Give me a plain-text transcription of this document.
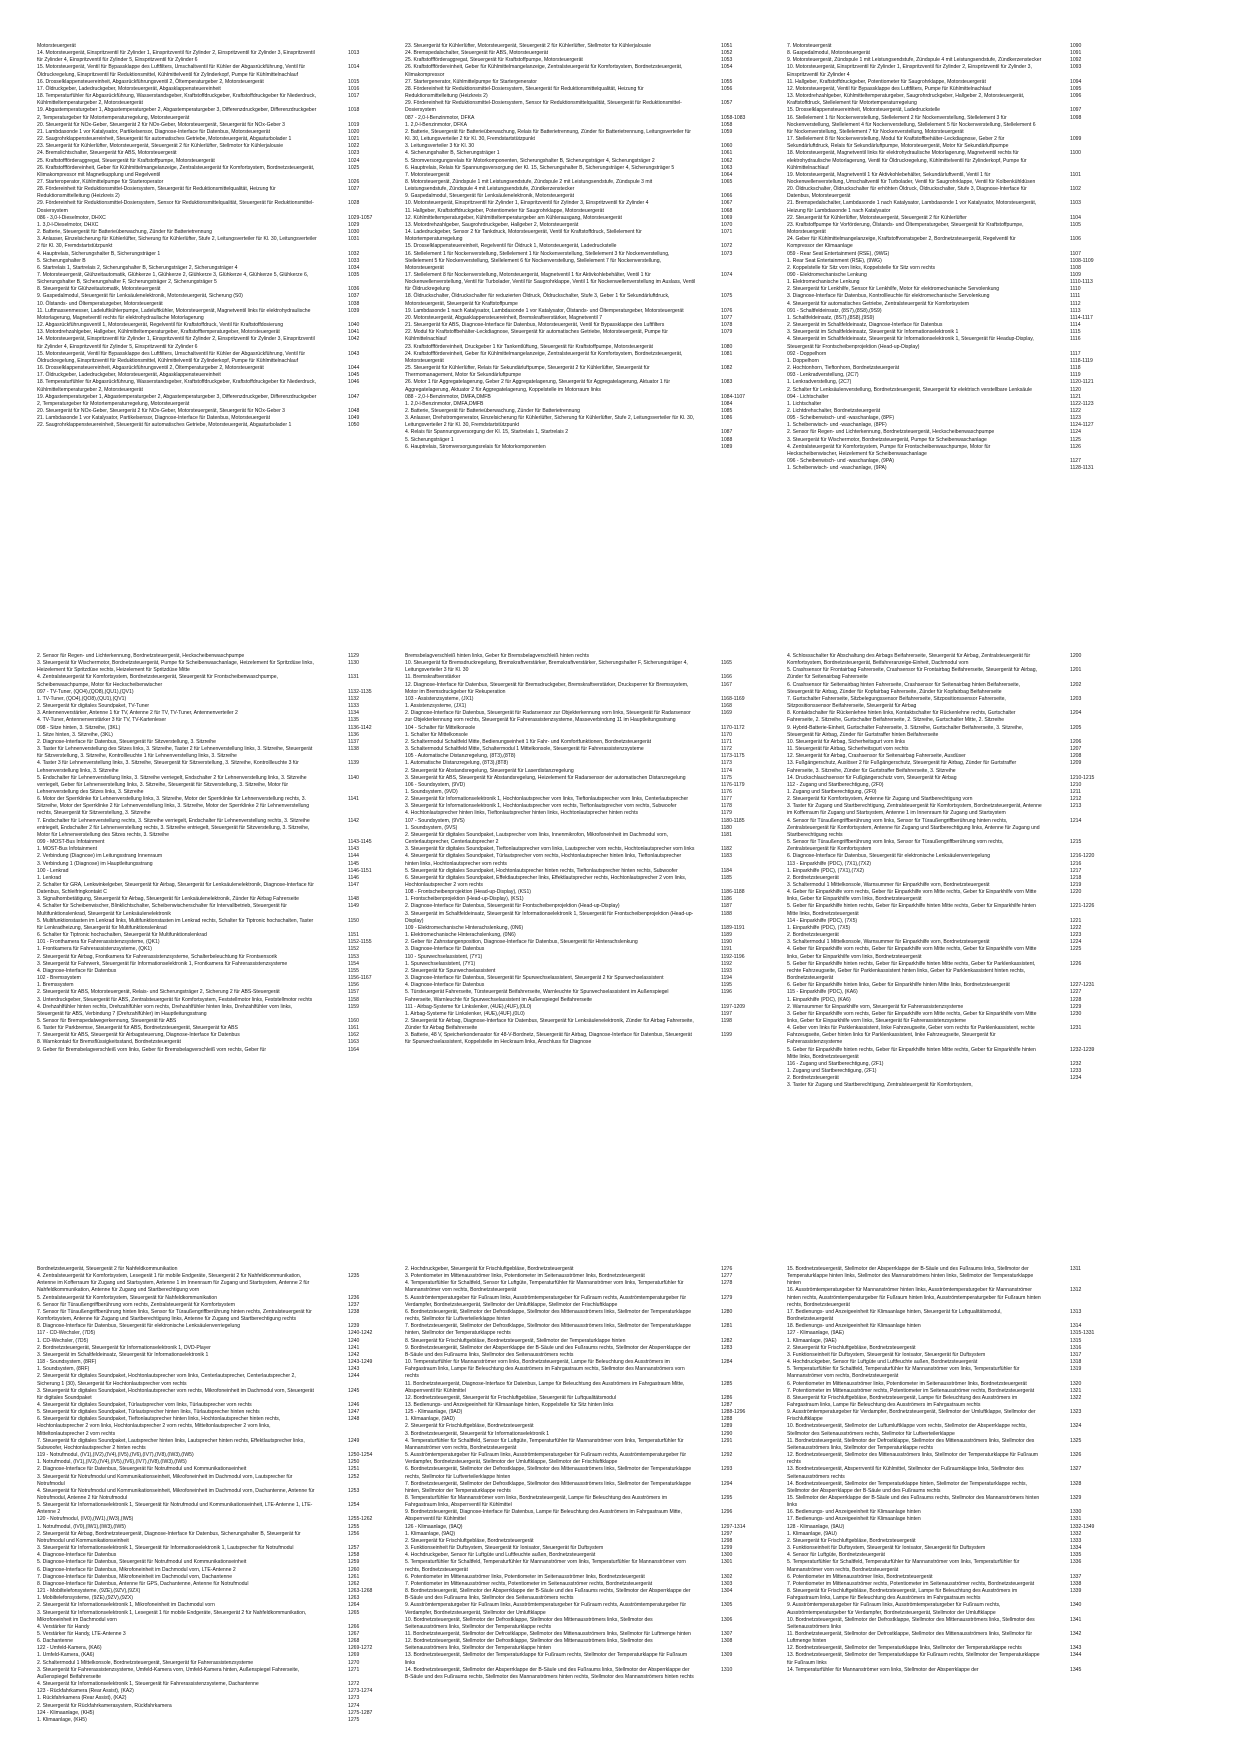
Motorsteuergerät
14. Motorsteuergerät, Einspritzventil für Zylinder 1, Einspritzventil für Zylinder 2, Einspritzventil für Zylinder 3, Einspritzventil für Zylinder 4, Einspritzventil für Zylinder 5, Einspritzventil für Zylinder 6
1013
15. Motorsteuergerät, Ventil für Bypassklappe des Luftfilters, Umschaltventil für Kühler der Abgasrückführung, Ventil für Öldruckregelung, Einspritzventil für Reduktionsmittel, Kühlmittelventil für Zylinderkopf, Pumpe für Kühlmittelnachlauf
1014
16. Drosselklappensteuereinheit, Abgasrückführungsventil 2, Öltemperaturgeber 2, Motorsteuergerät	1015
17. Öldruckgeber, Ladedruckgeber, Motorsteuergerät, Abgasklappensteuereinheit	1016
18. Temperaturfühler für Abgasrückführung, Wasserstandsgeber, Kraftstoffdruckgeber, Kraftstoffdruckgeber für Niederdruck, Kühlmitteltemperaturgeber 2, Motorsteuergerät
1017
19. Abgastemperaturgeber 1, Abgastemperaturgeber 2, Abgastemperaturgeber 3, Differenzdruckgeber, Differenzdruckgeber 2, Temperaturgeber für Motortemperaturregelung, Motorsteuergerät
1018
20. Steuergerät für NOx-Geber, Steuergerät 2 für NOx-Geber, Motorsteuergerät, Steuergerät für NOx-Geber 3	1019
21. Lambdasonde 1 vor Katalysator, Partikelsensor, Diagnose-Interface für Datenbus, Motorsteuergerät	1020
22. Saugrohrklappensteuereinheit, Steuergerät für automatisches Getriebe, Motorsteuergerät, Abgasturbolader 1	1021
23. Steuergerät für Kühlerlüfter, Motorsteuergerät, Steuergerät 2 für Kühlerlüfter, Stellmotor für Kühlerjalousie	1022
24. Bremslichtschalter, Steuergerät für ABS, Motorsteuergerät	1023
25. Kraftstoffförderaggregat, Steuergerät für Kraftstoffpumpe, Motorsteuergerät	1024
26. Kraftstofffördereinheit, Geber für Kühlmittelmangelanzeige, Zentralsteuergerät für Komfortsystem, Bordnetzsteuergerät, Klimakompressor mit Magnetkupplung und Regelventil
1025
27. Starteroperator, Kühlmittelpumpe für Starteroperator	1026
28. Fördereinheit für Reduktionsmittel-Dosiersystem, Steuergerät für Reduktionsmittelqualität, Heizung für Reduktionsmittelleitung (Heizkreis 2)
1027
29. Fördereinheit für Reduktionsmittel-Dosiersystem, Sensor für Reduktionsmittelqualität, Steuergerät für Reduktionsmittel-Dosiersystem
1028
086 - 3,0-l-Dieselmotor, DHXC	1029-1057
1. 3,0-l-Dieselmotor, DHXC	1029
2. Batterie, Steuergerät für Batterieüberwachung, Zünder für Batterietrennung	1030
3. Anlasser, Einzelsicherung für Kühlerlüfter, Sicherung für Kühlerlüfter, Stufe 2, Leitungsverteiler für Kl. 30, Leitungsverteiler 2 für Kl. 30, Fremdstartstützpunkt
1031
4. Hauptrelais, Sicherungshalter B, Sicherungsträger 1	1032
5. Sicherungshalter B	1033
6. Startrelais 1, Startrelais 2, Sicherungshalter B, Sicherungsträger 2, Sicherungsträger 4	1034
7. Motorsteuergerät, Glühzeitautomatik, Glühkerze 1, Glühkerze 2, Glühkerze 3, Glühkerze 4, Glühkerze 5, Glühkerze 6, Sicherungshalter B, Sicherungshalter F, Sicherungsträger 2, Sicherungsträger 5
1035
8. Steuergerät für Glühzeitautomatik, Motorsteuergerät	1036
9. Gaspedalmodul, Steuergerät für Lenksäulenelektronik, Motorsteuergerät, Sicherung (S0)	1037
10. Ölstands- und Öltemperaturgeber, Motorsteuergerät	1038
11. Luftmassenmesser, Ladeluftkühlerpumpe, Ladeluftkühler, Motorsteuergerät, Magnetventil links für elektrohydraulische Motorlagerung, Magnetventil rechts für elektrohydraulische Motorlagerung
1039
12. Abgasrückführungsventil 1, Motorsteuergerät, Regelventil für Kraftstoffdruck, Ventil für Kraftstoffdosierung	1040
13. Motordrehzahlgeber, Hallgeber, Kühlmitteltemperaturgeber, Kraftstofftemperaturgeber, Motorsteuergerät	1041
14. Motorsteuergerät, Einspritzventil für Zylinder 1, Einspritzventil für Zylinder 2, Einspritzventil für Zylinder 3, Einspritzventil für Zylinder 4, Einspritzventil für Zylinder 5, Einspritzventil für Zylinder 6
1042
15. Motorsteuergerät, Ventil für Bypassklappe des Luftfilters, Umschaltventil für Kühler der Abgasrückführung, Ventil für Öldruckregelung, Einspritzventil für Reduktionsmittel, Kühlmittelventil für Zylinderkopf, Pumpe für Kühlmittelnachlauf
1043
16. Drosselklappensteuereinheit, Abgasrückführungsventil 2, Öltemperaturgeber 2, Motorsteuergerät	1044
17. Öldruckgeber, Ladedruckgeber, Motorsteuergerät, Abgasklappensteuereinheit	1045
18. Temperaturfühler für Abgasrückführung, Wasserstandsgeber, Kraftstoffdruckgeber, Kraftstoffdruckgeber für Niederdruck, Kühlmitteltemperaturgeber 2, Motorsteuergerät
1046
19. Abgastemperaturgeber 1, Abgastemperaturgeber 2, Abgastemperaturgeber 3, Differenzdruckgeber, Differenzdruckgeber 2, Temperaturgeber für Motortemperaturregelung, Motorsteuergerät
1047
20. Steuergerät für NOx-Geber, Steuergerät 2 für NOx-Geber, Motorsteuergerät, Steuergerät für NOx-Geber 3	1048
21. Lambdasonde 1 vor Katalysator, Partikelsensor, Diagnose-Interface für Datenbus, Motorsteuergerät	1049
22. Saugrohrklappensteuereinheit, Steuergerät für automatisches Getriebe, Motorsteuergerät, Abgasturbolader 1	1050
23. Steuergerät für Kühlerlüfter, Motorsteuergerät, Steuergerät 2 für Kühlerlüfter, Stellmotor für Kühlerjalousie	1051
24. Bremspedalschalter, Steuergerät für ABS, Motorsteuergerät	1052
25. Kraftstoffförderaggregat, Steuergerät für Kraftstoffpumpe, Motorsteuergerät	1053
26. Kraftstofffördereinheit, Geber für Kühlmittelmangelanzeige, Zentralsteuergerät für Komfortsystem, Bordnetzsteuergerät, Klimakompressor
1054
27. Startergenerator, Kühlmittelpumpe für Startergenerator	1055
28. Fördereinheit für Reduktionsmittel-Dosiersystem, Steuergerät für Reduktionsmittelqualität, Heizung für Reduktionsmittelleitung (Heizkreis 2)
1056
29. Fördereinheit für Reduktionsmittel-Dosiersystem, Sensor für Reduktionsmittelqualität, Steuergerät für Reduktionsmittel-Dosiersystem
1057
087 - 2,0-l-Benzinmotor, DFKA	1058-1083
1. 2,0-l-Benzinmotor, DFKA	1058
2. Batterie, Steuergerät für Batterieüberwachung, Relais für Batterietrennung, Zünder für Batterietrennung, Leitungsverteiler für Kl. 30, Leitungsverteiler 2 für Kl. 30, Fremdstartstützpunkt
1059
3. Leitungsverteiler 3 für Kl. 30	1060
4. Sicherungshalter B, Sicherungsträger 1	1061
5. Stromversorgungsrelais für Motorkomponenten, Sicherungshalter B, Sicherungsträger 4, Sicherungsträger 2	1062
6. Hauptrelais, Relais für Spannungsversorgung der Kl. 15, Sicherungshalter B, Sicherungsträger 4, Sicherungsträger 5	1063
7. Motorsteuergerät	1064
8. Motorsteuergerät, Zündspule 1 mit Leistungsendstufe, Zündspule 2 mit Leistungsendstufe, Zündspule 3 mit Leistungsendstufe, Zündspule 4 mit Leistungsendstufe, Zündkerzenstecker
1065
9. Gaspedalmodul, Steuergerät für Lenksäulenelektronik, Motorsteuergerät	1066
10. Motorsteuergerät, Einspritzventil für Zylinder 1, Einspritzventil für Zylinder 3, Einspritzventil für Zylinder 4	1067
11. Hallgeber, Kraftstoffdruckgeber, Potentiometer für Saugrohrklappe, Motorsteuergerät	1068
12. Kühlmitteltemperaturgeber, Kühlmitteltemperaturgeber am Kühlerausgang, Motorsteuergerät	1069
13. Motordrehzahlgeber, Saugrohrdruckgeber, Hallgeber 2, Motorsteuergerät	1070
14. Ladedruckgeber, Sensor 2 für Tankdruck, Motorsteuergerät, Ventil für Kraftstoffdruck, Stellelement für Motortemperaturregelung
1071
15. Drosselklappensteuereinheit, Regelventil für Öldruck 1, Motorsteuergerät, Ladedruckstelle	1072
16. Stellelement 1 für Nockenverstellung, Stellelement 1 für Nockenverstellung, Stellelement 3 für Nockenverstellung, Stellelement 5 für Nockenverstellung, Stellelement 6 für Nockenverstellung, Stellelement 7 für Nockenverstellung, Motorsteuergerät
1073
17. Stellelement 8 für Nockenverstellung, Motorsteuergerät, Magnetventil 1 für Aktivkohlebehälter, Ventil 1 für Nockenwellenverstellung, Ventil für Turbolader, Ventil für Saugrohrklappe, Ventil 1 für Nockenwellenverstellung im Auslass, Ventil für Öldruckregelung
1074
18. Öldruckschalter, Öldruckschalter für reduzierten Öldruck, Öldruckschalter, Stufe 3, Geber 1 für Sekundärluftdruck, Motorsteuergerät, Steuergerät für Kraftstoffpumpe
1075
19. Lambdasonde 1 nach Katalysator, Lambdasonde 1 vor Katalysator, Ölstands- und Öltemperaturgeber, Motorsteuergerät	1076
20. Motorsteuergerät, Abgasklappensteuereinheit, Bremskraftverstärker, Magnetventil 7	1077
21. Steuergerät für ABS, Diagnose-Interface für Datenbus, Motorsteuergerät, Ventil für Bypassklappe des Luftfilters	1078
22. Modul für Kraftstoffbehälter-Leckdiagnose, Steuergerät für automatisches Getriebe, Motorsteuergerät, Pumpe für Kühlmittelnachlauf
1079
23. Kraftstofffördereinheit, Druckgeber 1 für Tankentlüftung, Steuergerät für Kraftstoffpumpe, Motorsteuergerät	1080
24. Kraftstofffördereinheit, Geber für Kühlmittelmangelanzeige, Zentralsteuergerät für Komfortsystem, Bordnetzsteuergerät, Motorsteuergerät
1081
25. Steuergerät für Kühlerlüfter, Relais für Sekundärluftpumpe, Steuergerät 2 für Kühlerlüfter, Steuergerät für Thermomanagement, Motor für Sekundärluftpumpe
1082
26. Motor 1 für Aggregatelagerung, Geber 2 für Aggregatelagerung, Steuergerät für Aggregatelagerung, Aktuator 1 für Aggregatelagerung, Aktuator 2 für Aggregatelagerung, Koppelstelle im Motorraum links
1083
088 - 2,0-l-Benzinmotor, DMFA,DMFB	1084-1107
1. 2,0-l-Benzinmotor, DMFA,DMFB	1084
2. Batterie, Steuergerät für Batterieüberwachung, Zünder für Batterietrennung	1085
3. Anlasser, Drehstromgenerator, Einzelsicherung für Kühlerlüfter, Sicherung für Kühlerlüfter, Stufe 2, Leitungsverteiler für Kl. 30, Leitungsverteiler 2 für Kl. 30, Fremdstartstützpunkt
1086
4. Relais für Spannungsversorgung der Kl. 15, Startrelais 1, Startrelais 2	1087
5. Sicherungsträger 1	1088
6. Hauptrelais, Stromversorgungsrelais für Motorkomponenten	1089
7. Motorsteuergerät	1090
8. Gaspedalmodul, Motorsteuergerät	1091
9. Motorsteuergerät, Zündspule 1 mit Leistungsendstufe, Zündspule 4 mit Leistungsendstufe, Zündkerzenstecker	1092
10. Motorsteuergerät, Einspritzventil für Zylinder 1, Einspritzventil für Zylinder 2, Einspritzventil für Zylinder 3, Einspritzventil für Zylinder 4
1093
11. Hallgeber, Kraftstoffdruckgeber, Potentiometer für Saugrohrklappe, Motorsteuergerät	1094
12. Motorsteuergerät, Ventil für Bypassklappe des Luftfilters, Pumpe für Kühlmittelnachlauf	1095
13. Motordrehzahlgeber, Kühlmitteltemperaturgeber, Saugrohrdruckgeber, Hallgeber 2, Motorsteuergerät, Kraftstoffdruck, Stellelement für Motortemperaturregelung
1096
15. Drosselklappensteuereinheit, Motorsteuergerät, Ladedruckstelle	1097
16. Stellelement 1 für Nockenverstellung, Stellelement 2 für Nockenverstellung, Stellelement 3 für Nockenverstellung, Stellelement 4 für Nockenverstellung, Stellelement 5 für Nockenverstellung, Stellelement 6 für Nockenverstellung, Stellelement 7 für Nockenverstellung, Motorsteuergerät
1098
17. Stellelement 8 für Nockenverstellung, Modul für Kraftstoffbehälter-Leckdiagnose, Geber 2 für Sekundärluftdruck, Relais für Sekundärluftpumpe, Motorsteuergerät, Motor für Sekundärluftpumpe
1099
18. Motorsteuergerät, Magnetventil links für elektrohydraulische Motorlagerung, Magnetventil rechts für elektrohydraulische Motorlagerung, Ventil für Öldruckregelung, Kühlmittelventil für Zylinderkopf, Pumpe für Kühlmittelnachlauf
1100
19. Motorsteuergerät, Magnetventil 1 für Aktivkohlebehälter, Sekundärluftventil, Ventil 1 für Nockenwellenverstellung, Umschaltventil für Turbolader, Ventil für Saugrohrklappe, Ventil für Kolbenkühldüsen
1101
20. Öldruckschalter, Öldruckschalter für erhöhten Öldruck, Öldruckschalter, Stufe 3, Diagnose-Interface für Datenbus, Motorsteuergerät
1102
21. Bremspedalschalter, Lambdasonde 1 nach Katalysator, Lambdasonde 1 vor Katalysator, Motorsteuergerät, Heizung für Lambdasonde 1 nach Katalysator
1103
22. Steuergerät für Kühlerlüfter, Motorsteuergerät, Steuergerät 2 für Kühlerlüfter	1104
23. Kraftstoffpumpe für Vorförderung, Ölstands- und Öltemperaturgeber, Steuergerät für Kraftstoffpumpe, Motorsteuergerät
1105
24. Geber für Kühlmittelmangelanzeige, Kraftstoffvorratsgeber 2, Bordnetzsteuergerät, Regelventil für Kompressor der Klimaanlage
1106
059 - Rear Seat Entertainment (RSE), (9WG)	1107
1. Rear Seat Entertainment (RSE), (9WG)	1108-1109
2. Koppelstelle für Sitz vorn links, Koppelstelle für Sitz vorn rechts	1108
090 - Elektromechanische Lenkung	1109
1. Elektromechanische Lenkung	1110-1113
2. Steuergerät für Lenkhilfe, Sensor für Lenkhilfe, Motor für elektromechanische Servolenkung	1110
3. Diagnose-Interface für Datenbus, Kontrollleuchte für elektromechanische Servolenkung	1111
4. Steuergerät für automatisches Getriebe, Zentralsteuergerät für Komfortsystem	1112
091 - Schaltfeldeinsatz, (8S7),(8S8),(9S9)	1113
1. Schaltfeldeinsatz, (8S7),(8S8),(9S9)	1114-1117
2. Steuergerät im Schaltfeldeinsatz, Diagnose-Interface für Datenbus	1114
3. Steuergerät im Schaltfeldeinsatz, Steuergerät für Informationselektronik 1	1115
4. Steuergerät im Schaltfeldeinsatz, Steuergerät für Informationselektronik 1, Steuergerät für Headup-Display, Steuergerät für Frontscheibenprojektion (Head-up-Display)
1116
092 - Doppelhorn	1117
1. Doppelhorn	1118-1119
2. Hochtonhorn, Tieftonhorn, Bordnetzsteuergerät	1118
093 - Lenkradverstellung, (2C7)	1119
1. Lenkradverstellung, (2C7)	1120-1121
2. Schalter für Lenksäulenverstellung, Bordnetzsteuergerät, Steuergerät für elektrisch verstellbare Lenksäule	1120
094 - Lichtschalter	1121
1. Lichtschalter	1122-1123
2. Lichtdrehschalter, Bordnetzsteuergerät	1122
095 - Scheibenwisch- und -waschanlage, (8PF)	1123
1. Scheibenwisch- und -waschanlage, (8PF)	1124-1127
2. Sensor für Regen- und Lichterkennung, Bordnetzsteuergerät, Heckscheibenwaschpumpe	1124
3. Steuergerät für Wischermotor, Bordnetzsteuergerät, Pumpe für Scheibenwaschanlage	1125
4. Zentralsteuergerät für Komfortsystem, Pumpe für Frontscheibenwaschpumpe, Motor für Heckscheibenwischer, Heizelement für Scheibenwaschanlage
1126
096 - Scheibenwisch- und -waschanlage, (9PA)	1127
1. Scheibenwisch- und -waschanlage, (9PA)	1128-1131
2. Sensor für Regen- und Lichterkennung, Bordnetzsteuergerät, Heckscheibenwaschpumpe	1129
3. Steuergerät für Wischermotor, Bordnetzsteuergerät, Pumpe für Scheibenwaschanlage, Heizelement für Spritzdüse links, Heizelement für Spritzdüse rechts, Heizelement für Spritzdüse Mitte
1130
4. Zentralsteuergerät für Komfortsystem, Bordnetzsteuergerät, Steuergerät für Frontscheibenwaschpumpe, Scheibenwaschpumpe, Motor für Heckscheibenwischer
1131
097 - TV-Tuner, (QO4),(QO8),(QU1),(QV1)	1132-1135
1. TV-Tuner, (QO4),(QO8),(QU1),(QV1)	1132
2. Steuergerät für digitales Soundpaket, TV-Tuner	1133
3. Antennenverstärker, Antenne 1 für TV, Antenne 2 für TV, TV-Tuner, Antennenverteiler 2	1134
4. TV-Tuner, Antennenverstärker 3 für TV, TV-Kartenleser	1135
098 - Sitze hinten, 3. Sitzreihe, (3KL)	1136-1142
1. Sitze hinten, 3. Sitzreihe, (3KL)	1136
2. Diagnose-Interface für Datenbus, Steuergerät für Sitzverstellung, 3. Sitzreihe	1137
3. Taster für Lehnenverstellung des Sitzes links, 3. Sitzreihe, Taster 2 für Lehnenverstellung links, 3. Sitzreihe, Steuergerät für Sitzverstellung, 3. Sitzreihe, Kontrollleuchte 1 für Lehnenverstellung links, 3. Sitzreihe
1138
4. Taster 3 für Lehnenverstellung links, 3. Sitzreihe, Steuergerät für Sitzverstellung, 3. Sitzreihe, Kontrollleuchte 3 für Lehnenverstellung links, 3. Sitzreihe
1139
5. Endschalter für Lehnenverstellung links, 3. Sitzreihe verriegelt, Endschalter 2 für Lehnenverstellung links, 3. Sitzreihe verriegelt, Geber für Lehnenverstellung links, 3. Sitzreihe, Steuergerät für Sitzverstellung, 3. Sitzreihe, Motor für Lehnenverstellung des Sitzes links, 3. Sitzreihe
1140
6. Motor der Sperrklinke für Lehnenverstellung links, 3. Sitzreihe, Motor der Sperrklinke für Lehnenverstellung rechts, 3. Sitzreihe, Motor der Sperrklinke 2 für Lehnenverstellung links, 3. Sitzreihe, Motor der Sperrklinke 2 für Lehnenverstellung rechts, Steuergerät für Sitzverstellung, 3. Sitzreihe
1141
7. Endschalter für Lehnenverstellung rechts, 3. Sitzreihe verriegelt, Endschalter für Lehnenverstellung rechts, 3. Sitzreihe entriegelt, Endschalter 2 für Lehnenverstellung rechts, 3. Sitzreihe entriegelt, Steuergerät für Sitzverstellung, 3. Sitzreihe, Motor für Lehnenverstellung des Sitzes rechts, 3. Sitzreihe
1142
099 - MOST-Bus Infotainment	1143-1145
1. MOST-Bus Infotainment	1143
2. Verbindung (Diagnose) im Leitungsstrang Innenraum	1144
3. Verbindung 1 (Diagnose) im Hauptleitungsstrang	1145
100 - Lenkrad	1146-1151
1. Lenkrad	1146
2. Schalter für GRA, Lenkwinkelgeber, Steuergerät für Airbag, Steuergerät für Lenksäulenelektronik, Diagnose-Interface für Datenbus, Schleifringkontakt C
1147
3. Signalhornbetätigung, Steuergerät für Airbag, Steuergerät für Lenksäulenelektronik, Zünder für Airbag Fahrerseite	1148
4. Schalter für Scheibenwischer, Blinklichtschalter, Scheibenwischerschalter für Intervallbetrieb, Steuergerät für Multifunktionslenkrad, Steuergerät für Lenksäulenelektronik
1149
5. Multifunktionstasten im Lenkrad links, Multifunktionstasten im Lenkrad rechts, Schalter für Tiptronic hochschalten, Taster für Lenkradheizung, Steuergerät für Multifunktionslenkrad
1150
6. Schalter für Tiptronic hochschalten, Steuergerät für Multifunktionslenkrad	1151
101 - Fronthamera für Fahrerassistenzsysteme, (QK1)	1152-1155
1. Frontkamera für Fahrerassistenzsysteme, (QK1)	1152
2. Steuergerät für Airbag, Frontkamera für Fahrerassistenzsysteme, Schalterbeleuchtung für Frontsensorik	1153
3. Steuergerät für Fahrwerk, Steuergerät für Informationselektronik 1, Frontkamera für Fahrerassistenzsysteme	1154
4. Diagnose-Interface für Datenbus	1155
102 - Bremssystem	1156-1167
1. Bremssystem	1156
2. Steuergerät für ABS, Motorsteuergerät, Relais- und Sicherungsträger 2, Sicherung 2 für ABS-Steuergerät	1157
3. Unterdruckgeber, Steuergerät für ABS, Zentralsteuergerät für Komfortsystem, Feststellmotor links, Feststellmotor rechts	1158
4. Drehzahlfühler hinten rechts, Drehzahlfühler vorn rechts, Drehzahlfühler hinten links, Drehzahlfühler vorn links, Steuergerät für ABS, Verbindung 7 (Drehzahlfühler) im Hauptleitungsstrang
1159
5. Sensor für Bremspedalwegerkennung, Steuergerät für ABS	1160
6. Taster für Parkbremse, Steuergerät für ABS, Bordnetzsteuergerät, Steuergerät für ABS	1161
7. Steuergerät für ABS, Steuergerät für Airbagsteuerung, Diagnose-Interface für Datenbus	1162
8. Warnkontakt für Bremsflüssigkeitsstand, Bordnetzsteuergerät	1163
9. Geber für Bremsbelagverschleiß vorn links, Geber für Bremsbelagverschleiß vorn rechts, Geber für	1164
Bremsbelagverschleiß hinten links, Geber für Bremsbelagverschleiß hinten rechts
10. Steuergerät für Bremsdruckregelung, Bremskraftverstärker, Bremskraftverstärker, Sicherungshalter F, Sicherungsträger 4, Leitungsverteiler 3 für Kl. 30
1165
11. Bremskraftverstärker	1166
12. Diagnose-Interface für Datenbus, Steuergerät für Bremsdruckgeber, Bremskraftverstärker, Drucksperrer für Bremssystem, Motor im Bremsdruckgeber für Rekuperation
1167
103 - Assistenzsysteme, (JX1)	1168-1169
1. Assistenzsysteme, (JX1)	1168
2. Diagnose-Interface für Datenbus, Steuergerät für Radarsensor zur Objekterkennung vorn links, Steuergerät für Radarsensor zur Objekterkennung vorn rechts, Steuergerät für Fahrerassistenzsysteme, Masseverbindung 11 im Hauptleitungsstrang
1169
104 - Schalter für Mittelkonsole	1170-1172
1. Schalter für Mittelkonsole	1170
2. Schaltermodul Schaltfeld Mitte, Bedienungseinheit 1 für Fahr- und Komfortfunktionen, Bordnetzsteuergerät	1171
3. Schaltermodul Schaltfeld Mitte, Schaltermodul 1 Mittelkonsole, Steuergerät für Fahrerassistenzsysteme	1172
105 - Automatische Distanzregelung, (8T3),(8T8)	1173-1175
1. Automatische Distanzregelung, (8T3),(8T8)	1173
2. Steuergerät für Abstandsregelung, Steuergerät für Laserdistanzregelung	1174
3. Steuergerät für ABS, Steuergerät für Abstandsregelung, Heizelement für Radarsensor der automatischen Distanzregelung	1175
106 - Soundsystem, (9VD)	1176-1179
1. Soundsystem, (9VD)	1176
2. Steuergerät für Informationselektronik 1, Hochtonlautsprecher vorn links, Tieftonlautsprecher vorn links, Centerlautsprecher	1177
3. Steuergerät für Informationselektronik 1, Hochtonlautsprecher vorn rechts, Tieftonlautsprecher vorn rechts, Subwoofer	1178
4. Hochtonlautsprecher hinten links, Tieftonlautsprecher hinten links, Hochtonlautsprecher hinten rechts	1179
107 - Soundsystem, (9VS)	1180-1185
1. Soundsystem, (9VS)	1180
2. Steuergerät für digitales Soundpaket, Lautsprecher vorn links, Innenmikrofon, Mikrofoneinheit im Dachmodul vorn, Centerlautsprecher, Centerlautsprecher 2
1181
3. Steuergerät für digitales Soundpaket, Tieftonlautsprecher vorn links, Lautsprecher vorn rechts, Hochtonlautsprecher vorn links	1182
4. Steuergerät für digitales Soundpaket, Türlautsprecher vorn rechts, Hochtonlautsprecher hinten links, Tieftonlautsprecher hinten links, Hochtonlautsprecher vorn rechts
1183
5. Steuergerät für digitales Soundpaket, Hochtonlautsprecher hinten rechts, Tieftonlautsprecher hinten rechts, Subwoofer	1184
6. Steuergerät für digitales Soundpaket, Effektlautsprecher links, Effektlautsprecher rechts, Hochtonlautsprecher 2 vorn links, Hochtonlautsprecher 2 vorn rechts
1185
108 - Frontscheibenprojektion (Head-up-Display), (KS1)	1186-1188
1. Frontscheibenprojektion (Head-up-Display), (KS1)	1186
2. Diagnose-Interface für Datenbus, Steuergerät für Frontscheibenprojektion (Head-up-Display)	1187
3. Steuergerät im Schaltfeldeinsatz, Steuergerät für Informationselektronik 1, Steuergerät für Frontscheibenprojektion (Head-up-Display)
1188
109 - Elektromechanische Hinterachslenkung, (0N6)	1189-1191
1. Elektromechanische Hinterachslenkung, (0N6)	1189
2. Geber für Zahnstangenposition, Diagnose-Interface für Datenbus, Steuergerät für Hinterachslenkung	1190
3. Diagnose-Interface für Datenbus	1191
110 - Spurwechselassistent, (7Y1)	1192-1196
1. Spurwechselassistent, (7Y1)	1192
2. Steuergerät für Spurwechselassistent	1193
3. Diagnose-Interface für Datenbus, Steuergerät für Spurwechselassistent, Steuergerät 2 für Spurwechselassistent	1194
4. Diagnose-Interface für Datenbus	1195
5. Türsteuergerät Fahrerseite, Türsteuergerät Beifahrerseite, Warnleuchte für Spurwechselassistent im Außenspiegel Fahrerseite, Warnleuchte für Spurwechselassistent im Außenspiegel Beifahrerseite
1196
111 - Airbag-Systeme für Linkslenker, (4UE),(4UF),(0L0)	1197-1209
1. Airbag-Systeme für Linkslenker, (4UE),(4UF),(0L0)	1197
2. Steuergerät für Airbag, Diagnose-Interface für Datenbus, Steuergerät für Lenksäulenelektronik, Zünder für Airbag Fahrerseite, Zünder für Airbag Beifahrerseite
1198
3. Batterie, 48 V, Speicherkondensator für 48-V-Bordnetz, Steuergerät für Airbag, Diagnose-Interface für Datenbus, Steuergerät für Spurwechselassistent, Koppelstelle im Heckraum links, Anschluss für Diagnose
1199
4. Schlossschalter für Abschaltung des Airbags Beifahrerseite, Steuergerät für Airbag, Zentralsteuergerät für Komfortsystem, Bordnetzsteuergerät, Beifahreranzeige-Einheit, Dachmodul vorn
1200
5. Crashsensor für Frontairbag Fahrerseite, Crashsensor für Frontairbag Beifahrerseite, Steuergerät für Airbag, Zünder für Seitenairbag Fahrerseite
1201
6. Crashsensor für Seitenairbag hinten Fahrerseite, Crashsensor für Seitenairbag hinten Beifahrerseite, Steuergerät für Airbag, Zünder für Kopfairbag Fahrerseite, Zünder für Kopfairbag Beifahrerseite
1202
7. Gurtschalter Fahrerseite, Sitzbelegungssensor Beifahrerseite, Sitzpositionssensor Fahrerseite, Sitzpositionssensor Beifahrerseite, Steuergerät für Airbag
1203
8. Kontaktschalter für Rückenlehne hinten links, Kontaktschalter für Rückenlehne rechts, Gurtschalter Fahrerseite, 2. Sitzreihe, Gurtschalter Beifahrerseite, 2. Sitzreihe, Gurtschalter Mitte, 2. Sitzreihe
1204
9. Hybrid-Batterie-Einheit, Gurtschalter Fahrerseite, 3. Sitzreihe, Gurtschalter Beifahrerseite, 3. Sitzreihe, Steuergerät für Airbag, Zünder für Gurtstraffer hinten Beifahrerseite
1205
10. Steuergerät für Airbag, Sicherheitsgurt vorn links	1206
11. Steuergerät für Airbag, Sicherheitsgurt vorn rechts	1207
12. Steuergerät für Airbag, Crashsensor für Seitenairbag Fahrerseite, Ausdüser	1208
13. Fußgängerschutz, Auslöser 2 für Fußgängerschutz, Steuergerät für Airbag, Zünder für Gurtstraffer Fahrerseite, 3. Sitzreihe, Zünder für Gurtstraffer Beifahrerseite, 3. Sitzreihe
1209
14. Druckschlauchsensor für Fußgängerschutz vorn, Steuergerät für Airbag	1210-1215
112 - Zugang und Startberechtigung, (2F0)	1210
1. Zugang und Startberechtigung, (2F0)	1211
2. Steuergerät für Komfortsystem, Antenne für Zugang und Startberechtigung vorn	1212
3. Taster für Zugang und Startberechtigung, Zentralsteuergerät für Komfortsystem, Bordnetzsteuergerät, Antenne im Kofferraum für Zugang und Startsystem, Antenne 1 im Innenraum für Zugang und Startsystem
1213
4. Sensor für Türaußengriffberührung vorn links, Sensor für Türaußengriffberührung hinten rechts, Zentralsteuergerät für Komfortsystem, Antenne für Zugang und Startberechtigung links, Antenne für Zugang und Startberechtigung rechts
1214
5. Sensor für Türaußengriffberührung vorn links, Sensor für Türaußengriffberührung vorn rechts, Zentralsteuergerät für Komfortsystem
1215
6. Diagnose-Interface für Datenbus, Steuergerät für elektronische Lenksäulenverriegelung	1216-1220
113 - Einparkhilfe (PDC), (7X1),(7X2)	1216
1. Einparkhilfe (PDC), (7X1),(7X2)	1217
2. Bordnetzsteuergerät	1218
3. Schaltermodul 1 Mittelkonsole, Warnsummer für Einparkhilfe vorn, Bordnetzsteuergerät	1219
4. Geber für Einparkhilfe vorn rechts, Geber für Einparkhilfe vorn Mitte rechts, Geber für Einparkhilfe vorn Mitte links, Geber für Einparkhilfe vorn links, Bordnetzsteuergerät
1220
5. Geber für Einparkhilfe hinten rechts, Geber für Einparkhilfe hinten Mitte rechts, Geber für Einparkhilfe hinten Mitte links, Bordnetzsteuergerät
1221-1226
114 - Einparkhilfe (PDC), (7X5)	1221
1. Einparkhilfe (PDC), (7X5)	1222
2. Bordnetzsteuergerät	1223
3. Schaltermodul 1 Mittelkonsole, Warnsummer für Einparkhilfe vorn, Bordnetzsteuergerät	1224
4. Geber für Einparkhilfe vorn rechts, Geber für Einparkhilfe vorn Mitte rechts, Geber für Einparkhilfe vorn Mitte links, Geber für Einparkhilfe vorn links, Bordnetzsteuergerät
1225
5. Geber für Einparkhilfe hinten rechts, Geber für Einparkhilfe hinten Mitte rechts, Geber für Parklenkassistent, rechte Fahrzeugseite, Geber für Parklenkassistent hinten links, Geber für Parklenkassistent hinten rechts, Bordnetzsteuergerät
1226
6. Geber für Einparkhilfe hinten links, Geber für Einparkhilfe hinten Mitte links, Bordnetzsteuergerät	1227-1231
115 - Einparkhilfe (PDC), (KA6)	1227
1. Einparkhilfe (PDC), (KA6)	1228
2. Warnsummer für Einparkhilfe vorn, Steuergerät für Fahrerassistenzsysteme	1229
3. Geber für Einparkhilfe vorn rechts, Geber für Einparkhilfe vorn Mitte rechts, Geber für Einparkhilfe vorn Mitte links, Geber für Einparkhilfe vorn links, Steuergerät für Fahrerassistenzsysteme
1230
4. Geber vorn links für Parklenkassistent, linke Fahrzeugseite, Geber vorn rechts für Parklenkassistent, rechte Fahrzeugseite, Geber hinten links für Parklenkassistent, linke Fahrzeugseite, Steuergerät für Fahrerassistenzsysteme
1231
5. Geber für Einparkhilfe hinten rechts, Geber für Einparkhilfe hinten Mitte rechts, Geber für Einparkhilfe hinten Mitte links, Bordnetzsteuergerät
1232-1239
116 - Zugang und Startberechtigung, (2F1)	1232
1. Zugang und Startberechtigung, (2F1)	1233
2. Bordnetzsteuergerät	1234
3. Taster für Zugang und Startberechtigung, Zentralsteuergerät für Komfortsystem,
Bordnetzsteuergerät, Steuergerät 2 für Nahfeldkommunikation
4. Zentralsteuergerät für Komfortsystem, Lesegerät 1 für mobile Endgeräte, Steuergerät 2 für Nahfeldkommunikation, Antenne im Kofferraum für Zugang und Startsystem, Antenne 1 im Innenraum für Zugang und Startsystem, Antenne 2 für Nahfeldkommunikation, Antenne für Zugang und Startberechtigung vorn
1235
5. Zentralsteuergerät für Komfortsystem, Steuergerät für Nahfeldkommunikation	1236
6. Sensor für Türaußengriffberührung vorn rechts, Zentralsteuergerät für Komfortsystem	1237
7. Sensor für Türaußengriffberührung hinten links, Sensor für Türaußengriffberührung hinten rechts, Zentralsteuergerät für Komfortsystem, Antenne für Zugang und Startberechtigung links, Antenne für Zugang und Startberechtigung rechts
1238
8. Diagnose-Interface für Datenbus, Steuergerät für elektronische Lenksäulenverriegelung	1239
117 - CD-Wechsler, (7D5)	1240-1242
1. CD-Wechsler, (7D5)	1240
2. Bordnetzsteuergerät, Steuergerät für Informationselektronik 1, DVD-Player	1241
3. Steuergerät im Schaltfeldeinsatz, Steuergerät für Informationselektronik 1	1242
118 - Soundsystem, (8RF)	1243-1249
1. Soundsystem, (8RF)	1243
2. Steuergerät für digitales Soundpaket, Hochtonlautsprecher vorn links, Centerlautsprecher, Centerlautsprecher 2, Sicherung 1 (30), Steuergerät für Hochtonlautsprecher vorn rechts
1244
3. Steuergerät für digitales Soundpaket, Hochtonlautsprecher vorn rechts, Mikrofoneinheit im Dachmodul vorn, Steuergerät für digitales Soundpaket
1245
4. Steuergerät für digitales Soundpaket, Türlautsprecher vorn links, Türlautsprecher vorn rechts	1246
5. Steuergerät für digitales Soundpaket, Türlautsprecher hinten links, Türlautsprecher hinten rechts	1247
6. Steuergerät für digitales Soundpaket, Tieftonlautsprecher hinten links, Hochtonlautsprecher hinten rechts, Hochtonlautsprecher 2 vorn links, Hochtonlautsprecher 2 vorn rechts, Mitteltonlautsprecher 2 vorn links, Mitteltonlautsprecher 2 vorn rechts
1248
7. Steuergerät für digitales Soundpaket, Lautsprecher hinten links, Lautsprecher hinten rechts, Effektlautsprecher links, Subwoofer, Hochtonlautsprecher 2 hinten rechts
1249
119 - Notrufmodul, (IV1),(IV2),(IV4),(IV5),(IV6),(IV7),(IV8),(IW3),(IW5)	1250-1254
1. Notrufmodul, (IV1),(IV2),(IV4),(IV5),(IV6),(IV7),(IV8),(IW3),(IW5)	1250
2. Diagnose-Interface für Datenbus, Steuergerät für Notrufmodul und Kommunikationseinheit	1251
3. Steuergerät für Notrufmodul und Kommunikationseinheit, Mikrofoneinheit im Dachmodul vorn, Lautsprecher für Notrufmodul
1252
4. Steuergerät für Notrufmodul und Kommunikationseinheit, Mikrofoneinheit im Dachmodul vorn, Dachantenne, Antenne für Notrufmodul, Antenne 2 für Notrufmodul
1253
5. Steuergerät für Informationselektronik 1, Steuergerät für Notrufmodul und Kommunikationseinheit, LTE-Antenne 1, LTE-Antenne 2
1254
120 - Notrufmodul, (IV0),(IW1),(IW3),(IW5)	1255-1262
1. Notrufmodul, (IV0),(IW1),(IW3),(IW5)	1255
2. Steuergerät für Airbag, Bordnetzsteuergerät, Diagnose-Interface für Datenbus, Sicherungshalter B, Steuergerät für Notrufmodul und Kommunikationseinheit
1256
3. Steuergerät für Informationselektronik 1, Steuergerät für Informationselektronik 1, Lautsprecher für Notrufmodul	1257
4. Diagnose-Interface für Datenbus	1258
5. Diagnose-Interface für Datenbus, Steuergerät für Notrufmodul und Kommunikationseinheit	1259
6. Diagnose-Interface für Datenbus, Mikrofoneinheit im Dachmodul vorn, LTE-Antenne 2	1260
7. Diagnose-Interface für Datenbus, Mikrofoneinheit im Dachmodul vorn, Dachantenne	1261
8. Diagnose-Interface für Datenbus, Antenne für GPS, Dachantenne, Antenne für Notrufmodul	1262
121 - Mobiltelefonsysteme, (9ZE),(9ZV),(9ZX)	1263-1268
1. Mobiltelefonsysteme, (9ZE),(9ZV),(9ZX)	1263
2. Steuergerät für Informationselektronik 1, Mikrofoneinheit im Dachmodul vorn	1264
3. Steuergerät für Informationselektronik 1, Lesegerät 1 für mobile Endgeräte, Steuergerät 2 für Nahfeldkommunikation, Mikrofoneinheit im Dachmodul vorn
1265
4. Verstärker für Handy	1266
5. Verstärker für Handy, LTE-Antenne 3	1267
6. Dachantenne	1268
122 - Umfeld-Kamera, (KA6)	1269-1272
1. Umfeld-Kamera, (KA6)	1269
2. Schaltermodul 1 Mittelkonsole, Bordnetzsteuergerät, Steuergerät für Fahrerassistenzsysteme	1270
3. Steuergerät für Fahrerassistenzsysteme, Umfeld-Kamera vorn, Umfeld-Kamera hinten, Außenspiegel Fahrerseite, Außenspiegel Beifahrerseite
1271
4. Steuergerät für Informationselektronik 1, Steuergerät für Fahrerassistenzsysteme, Dachantenne	1272
123 - Rückfahrkamera (Rear Assist), (KA2)	1273-1274
1. Rückfahrkamera (Rear Assist), (KA2)	1273
2. Steuergerät für Rückfahrkamerasystem, Rückfahrkamera	1274
124 - Klimaanlage, (KH5)	1275-1287
1. Klimaanlage, (KH5)	1275
2. Hochdruckgeber, Steuergerät für Frischluftgebläse, Bordnetzsteuergerät	1276
3. Potentiometer im Mittenausströmer links, Potentiometer im Seitenausströmer links, Bordnetzsteuergerät	1277
4. Temperaturfühler für Schaltfeld, Sensor für Luftgüte, Temperaturfühler für Mannanströmer vorn links, Temperaturfühler für Mannanströmer vorn rechts, Bordnetzsteuergerät
1278
5. Ausströmtemperaturgeber für Fußraum links, Ausströmtemperaturgeber für Fußraum rechts, Ausströmtemperaturgeber für Verdampfer, Bordnetzsteuergerät, Stellmotor der Umluftklappe, Stellmotor der Frischluftklappe
1279
6. Bordnetzsteuergerät, Stellmotor der Defrostklappe, Stellmotor des Mittenausströmers links, Stellmotor der Temperaturklappe rechts, Stellmotor für Luftverteilerklappe hinten
1280
7. Bordnetzsteuergerät, Stellmotor der Defrostklappe, Stellmotor des Mittenausströmers links, Stellmotor der Temperaturklappe hinten, Stellmotor der Temperaturklappe rechts
1281
8. Steuergerät für Frischluftgebläse, Bordnetzsteuergerät, Stellmotor der Temperaturklappe hinten	1282
9. Bordnetzsteuergerät, Stellmotor der Absperrklappe der B-Säule und des Fußraums rechts, Stellmotor der Absperrklappe der B-Säule und des Fußraums links, Stellmotor des Seitenausströmers rechts
1283
10. Temperaturfühler für Mannanströmer vorn links, Bordnetzsteuergerät, Lampe für Beleuchtung des Ausströmers im Fahrgastraum links, Lampe für Beleuchtung des Ausströmers im Fahrgastraum rechts, Stellmotor des Mannanströmers vorn rechts
1284
11. Bordnetzsteuergerät, Diagnose-Interface für Datenbus, Lampe für Beleuchtung des Ausströmers im Fahrgastraum Mitte, Absperrventil für Kühlmittel
1285
12. Bordnetzsteuergerät, Steuergerät für Frischluftgebläse, Steuergerät für Luftqualitätsmodul	1286
13. Bedienungs- und Anzeigeeinheit für Klimaanlage hinten, Koppelstelle für Sitz hinten links	1287
125 - Klimaanlage, (9AD)	1288-1296
1. Klimaanlage, (9AD)	1288
2. Steuergerät für Frischluftgebläse, Bordnetzsteuergerät	1289
3. Bordnetzsteuergerät, Steuergerät für Informationselektronik 1	1290
4. Temperaturfühler für Schaltfeld, Sensor für Luftgüte, Temperaturfühler für Mannanströmer vorn links, Temperaturfühler für Mannanströmer vorn rechts, Bordnetzsteuergerät
1291
5. Ausströmtemperaturgeber für Fußraum links, Ausströmtemperaturgeber für Fußraum rechts, Ausströmtemperaturgeber für Verdampfer, Bordnetzsteuergerät, Stellmotor der Umluftklappe, Stellmotor der Frischluftklappe
1292
6. Bordnetzsteuergerät, Stellmotor der Defrostklappe, Stellmotor des Mittenausströmers links, Stellmotor der Temperaturklappe rechts, Stellmotor für Luftverteilerklappe hinten
1293
7. Bordnetzsteuergerät, Stellmotor der Defrostklappe, Stellmotor des Mittenausströmers links, Stellmotor der Temperaturklappe hinten, Stellmotor der Temperaturklappe rechts
1294
8. Temperaturfühler für Mannanströmer vorn links, Bordnetzsteuergerät, Lampe für Beleuchtung des Ausströmers im Fahrgastraum links, Absperrventil für Kühlmittel
1295
9. Bordnetzsteuergerät, Diagnose-Interface für Datenbus, Lampe für Beleuchtung des Ausströmers im Fahrgastraum Mitte, Absperrventil für Kühlmittel
1296
126 - Klimaanlage, (9AQ)	1297-1314
1. Klimaanlage, (9AQ)	1297
2. Steuergerät für Frischluftgebläse, Bordnetzsteuergerät	1298
3. Funktionseinheit für Duftsystem, Steuergerät für Ionisator, Steuergerät für Duftsystem	1299
4. Hochdruckgeber, Sensor für Luftgüte und Luftfeuchte außen, Bordnetzsteuergerät	1300
5. Temperaturfühler für Schaltfeld, Temperaturfühler für Mannanströmer vorn links, Temperaturfühler für Mannanströmer vorn rechts, Bordnetzsteuergerät
1301
6. Potentiometer im Mittenausströmer links, Potentiometer im Seitenausströmer links, Bordnetzsteuergerät	1302
7. Potentiometer im Mittenausströmer rechts, Potentiometer im Seitenausströmer rechts, Bordnetzsteuergerät	1303
8. Bordnetzsteuergerät, Stellmotor der Absperrklappe der B-Säule und des Fußraums rechts, Stellmotor der Absperrklappe der B-Säule und des Fußraums links, Stellmotor des Seitenausströmers rechts
1304
9. Ausströmtemperaturgeber für Fußraum links, Ausströmtemperaturgeber für Fußraum rechts, Ausströmtemperaturgeber für Verdampfer, Bordnetzsteuergerät, Stellmotor der Umluftklappe
1305
10. Bordnetzsteuergerät, Stellmotor der Defrostklappe, Stellmotor des Mittenausströmers links, Stellmotor des Seitenausströmers links, Stellmotor der Temperaturklappe rechts
1306
11. Bordnetzsteuergerät, Stellmotor der Defrostklappe, Stellmotor des Mittenausströmers links, Stellmotor für Luftmenge hinten	1307
12. Bordnetzsteuergerät, Stellmotor der Defrostklappe, Stellmotor des Mittenausströmers links, Stellmotor des Seitenausströmers links, Stellmotor der Temperaturklappe hinten
1308
13. Bordnetzsteuergerät, Stellmotor der Temperaturklappe für Fußraum rechts, Stellmotor der Temperaturklappe für Fußraum links
1309
14. Bordnetzsteuergerät, Stellmotor der Absperrklappe der B-Säule und des Fußraums links, Stellmotor der Absperrklappe der B-Säule und des Fußraums rechts, Stellmotor des Mannanströmers hinten rechts, Stellmotor des Mannanströmers hinten rechts
1310
15. Bordnetzsteuergerät, Stellmotor der Absperrklappe der B-Säule und des Fußraums links, Stellmotor der Temperaturklappe hinten links, Stellmotor des Mannanströmers hinten links, Stellmotor der Temperaturklappe hinten
1311
16. Ausströmtemperaturgeber für Mannanströmer hinten links, Ausströmtemperaturgeber für Mannanströmer hinten rechts, Ausströmtemperaturgeber für Fußraum hinten links, Ausströmtemperaturgeber für Fußraum hinten rechts, Bordnetzsteuergerät
1312
17. Bedienungs- und Anzeigeeinheit für Klimaanlage hinten, Steuergerät für Luftqualitätsmodul, Bordnetzsteuergerät
1313
18. Bedienungs- und Anzeigeeinheit für Klimaanlage hinten	1314
127 - Klimaanlage, (9AE)	1315-1331
1. Klimaanlage, (9AE)	1315
2. Steuergerät für Frischluftgebläse, Bordnetzsteuergerät	1316
3. Funktionseinheit für Duftsystem, Steuergerät für Ionisator, Steuergerät für Duftsystem	1317
4. Hochdruckgeber, Sensor für Luftgüte und Luftfeuchte außen, Bordnetzsteuergerät	1318
5. Temperaturfühler für Schaltfeld, Temperaturfühler für Mannanströmer vorn links, Temperaturfühler für Mannanströmer vorn rechts, Bordnetzsteuergerät
1319
6. Potentiometer im Mittenausströmer links, Potentiometer im Seitenausströmer links, Bordnetzsteuergerät	1320
7. Potentiometer im Mittenausströmer rechts, Potentiometer im Seitenausströmer rechts, Bordnetzsteuergerät	1321
8. Steuergerät für Frischluftgebläse, Bordnetzsteuergerät, Lampe für Beleuchtung des Ausströmers im Fahrgastraum links, Lampe für Beleuchtung des Ausströmers im Fahrgastraum rechts
1322
9. Ausströmtemperaturgeber für Verdampfer, Bordnetzsteuergerät, Stellmotor der Umluftklappe, Stellmotor der Frischluftklappe
1323
10. Bordnetzsteuergerät, Stellmotor der Luftumluftklappe vorn rechts, Stellmotor der Absperrklappe rechts, Stellmotor des Seitenausströmers rechts, Stellmotor für Luftverteilerklappe
1324
11. Bordnetzsteuergerät, Stellmotor der Defrostklappe, Stellmotor des Mittenausströmers links, Stellmotor des Seitenausströmers links, Stellmotor der Temperaturklappe rechts
1325
12. Bordnetzsteuergerät, Stellmotor des Mittenausströmers links, Stellmotor der Temperaturklappe für Fußraum rechts
1326
13. Bordnetzsteuergerät, Absperrventil für Kühlmittel, Stellmotor der Fußraumklappe links, Stellmotor des Seitenausströmers rechts
1327
14. Bordnetzsteuergerät, Stellmotor der Temperaturklappe hinten, Stellmotor der Temperaturklappe rechts, Stellmotor der Absperrklappe der B-Säule und des Fußraums rechts
1328
15. Stellmotor der Absperrklappe der B-Säule und des Fußraums rechts, Stellmotor des Mannanströmers hinten links
1329
16. Bedienungs- und Anzeigeeinheit für Klimaanlage hinten	1330
17. Bedienungs- und Anzeigeeinheit für Klimaanlage hinten	1331
128 - Klimaanlage, (9AU)	1332-1349
1. Klimaanlage, (9AU)	1332
2. Steuergerät für Frischluftgebläse, Bordnetzsteuergerät	1333
3. Funktionseinheit für Duftsystem, Steuergerät für Ionisator, Steuergerät für Duftsystem	1334
4. Sensor für Luftgüte, Bordnetzsteuergerät	1335
5. Temperaturfühler für Schaltfeld, Temperaturfühler für Mannanströmer vorn links, Temperaturfühler für Mannanströmer vorn rechts, Bordnetzsteuergerät
1336
6. Potentiometer im Mittenausströmer links, Bordnetzsteuergerät	1337
7. Potentiometer im Mittenausströmer rechts, Potentiometer im Seitenausströmer rechts, Bordnetzsteuergerät	1338
8. Steuergerät für Frischluftgebläse, Bordnetzsteuergerät, Lampe für Beleuchtung des Ausströmers im Fahrgastraum links, Lampe für Beleuchtung des Ausströmers im Fahrgastraum rechts
1339
9. Ausströmtemperaturgeber für Fußraum links, Ausströmtemperaturgeber für Fußraum rechts, Ausströmtemperaturgeber für Verdampfer, Bordnetzsteuergerät, Stellmotor der Umluftklappe
1340
10. Bordnetzsteuergerät, Stellmotor der Defrostklappe, Stellmotor des Mittenausströmers links, Stellmotor des Seitenausströmers links
1341
11. Bordnetzsteuergerät, Stellmotor der Defrostklappe, Stellmotor des Mittenausströmers links, Stellmotor für Luftmenge hinten
1342
12. Bordnetzsteuergerät, Stellmotor der Temperaturklappe links, Stellmotor der Temperaturklappe rechts	1343
13. Bordnetzsteuergerät, Stellmotor der Temperaturklappe für Fußraum rechts, Stellmotor der Temperaturklappe für Fußraum links
1344
14. Temperaturfühler für Mannanströmer vorn links, Stellmotor der Absperrklappe der	1345
